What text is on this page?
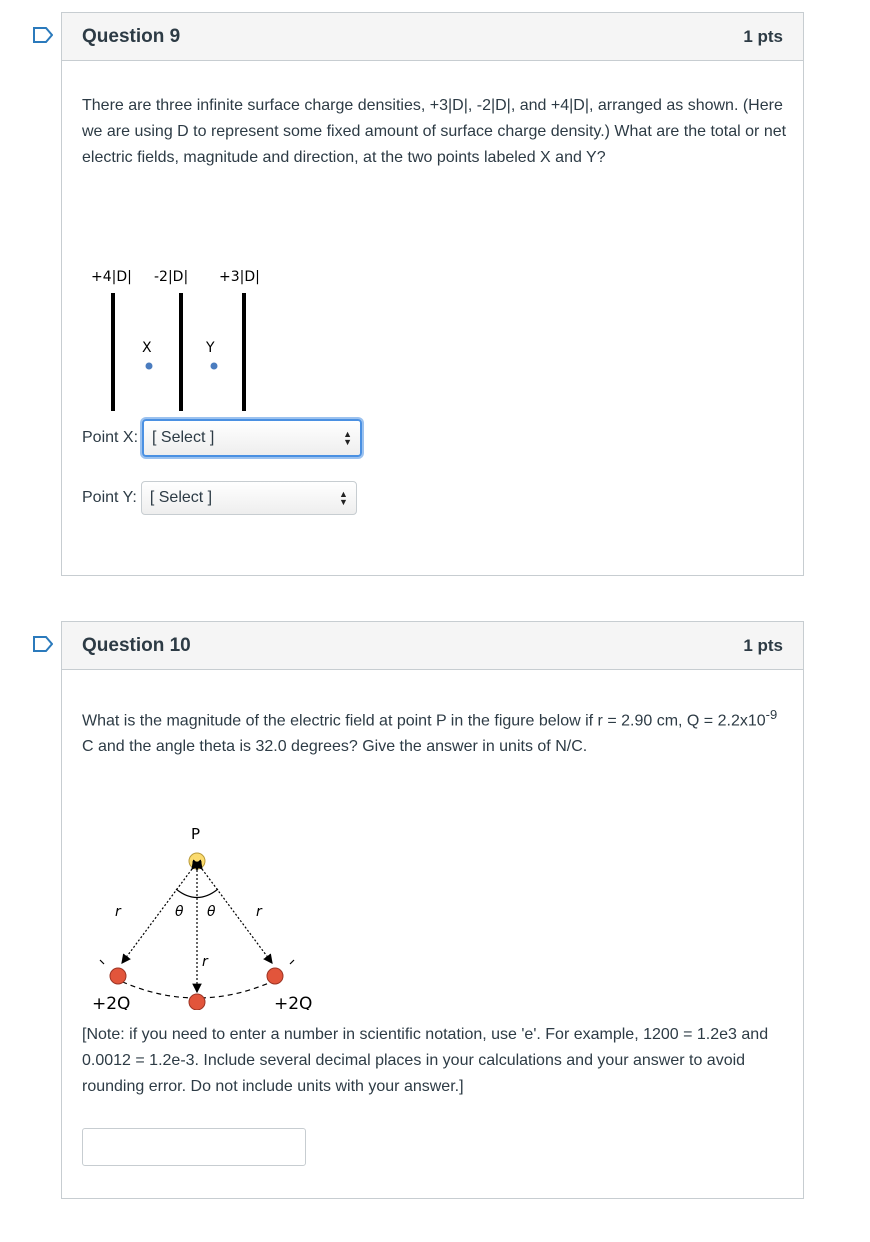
Question 9	1 pts

There are three infinite surface charge densities, +3|D|, -2|D|, and +4|D|, arranged as shown. (Here we are using D to represent some fixed amount of surface charge density.) What are the total or net electric fields, magnitude and direction, at the two points labeled X and Y?

+4|D| -2|D| +3|D|
X	Y
Point X: [ Select ]	▲
▼
Point Y: [ Select ]	▲
▼
Question 10	1 pts

What is the magnitude of the electric field at point P in the figure below if r = 2.90 cm, $Q = 2.2x10^{-9}$ C and the angle theta is 32.0 degrees? Give the answer in units of N/C.

P
θ θ
r	r
r
+2Q	+2Q

[Note: if you need to enter a number in scientific notation, use 'e'. For example, 1200 = 1.2e3 and 0.0012 = 1.2e-3. Include several decimal places in your calculations and your answer to avoid rounding error. Do not include units with your answer.]
